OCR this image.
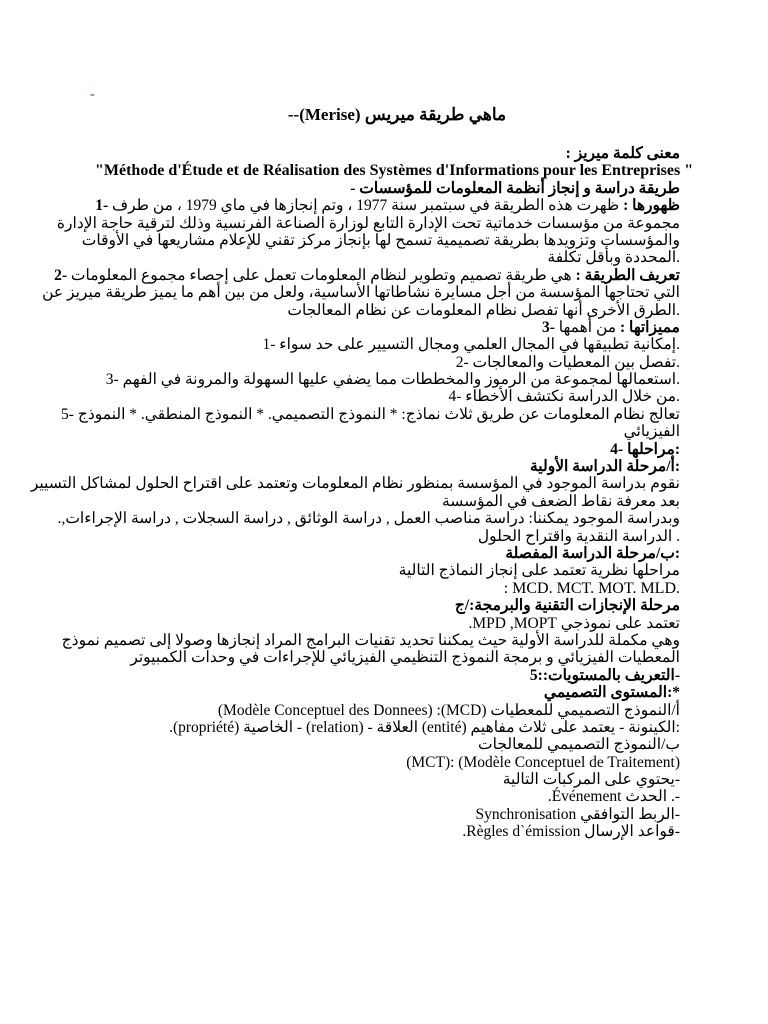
-
ماهي طريقة ميريس (Merise)--
معنى كلمة ميريز :
"Méthode d'Étude et de Réalisation des Systèmes d'Informations pour les Entreprises "
طريقة دراسة و إنجاز أنظمة المعلومات للمؤسسات -
ظهورها : ظهرت هذه الطريقة في سبتمبر سنة 1977 ، وتم إنجازها في ماي 1979 ، من طرف -1
مجموعة من مؤسسات خدماتية تحت الإدارة التابع لوزارة الصناعة الفرنسية وذلك لترقية حاجة الإدارة
والمؤسسات وتزويدها بطريقة تصميمية تسمح لها بإنجاز مركز تقني للإعلام مشاريعها في الأوقات
.المحددة وبأقل تكلفة
تعريف الطريقة : هي طريقة تصميم وتطوير لنظام المعلومات تعمل على إحصاء مجموع المعلومات -2
التي تحتاجها المؤسسة من أجل مسايرة نشاطاتها الأساسية، ولعل من بين أهم ما يميز طريقة ميريز عن
.الطرق الأخرى أنها تفصل نظام المعلومات عن نظام المعالجات
مميزاتها : من أهمها -3
.إمكانية تطبيقها في المجال العلمي ومجال التسيير على حد سواء -1
.تفصل بين المعطيات والمعالجات -2
.استعمالها لمجموعة من الرموز والمخططات مما يضفي عليها السهولة والمرونة في الفهم -3
.من خلال الدراسة نكتشف الأخطاء -4
تعالج نظام المعلومات عن طريق ثلاث نماذج: * النموذج التصميمي. * النموذج المنطقي. * النموذج -5
الفيزيائي
:مراحلها -4
:أ/مرحلة الدراسة الأولية
نقوم بدراسة الموجود في المؤسسة بمنظور نظام المعلومات وتعتمد على اقتراح الحلول لمشاكل التسيير
بعد معرفة نقاط الضعف في المؤسسة
وبدراسة الموجود يمكننا: دراسة مناصب العمل , دراسة الوثائق , دراسة السجلات , دراسة الإجراءات,.
. الدراسة النقدية واقتراح الحلول
:ب/مرحلة الدراسة المفصلة
مراحلها نظرية تعتمد على إنجاز النماذج التالية
: MCD. MCT. MOT. MLD.
مرحلة الإنجازات التقنية والبرمجة:/ج
تعتمد على نموذجي MPD ,MOPT.
وهي مكملة للدراسة الأولية حيث يمكننا تحديد تقنيات البرامج المراد إنجازها وصولا إلى تصميم نموذج
المعطيات الفيزيائي و برمجة النموذج التنظيمي الفيزيائي للإجراءات في وحدات الكمبيوتر
-التعريف بالمستويات::5
*:المستوى التصميمي
أ/النموذج التصميمي للمعطيات (MCD): (Modèle Conceptuel des Donnees)
:الكينونة - يعتمد على ثلاث مفاهيم (entité) العلاقة - (relation) - الخاصية (propriété).
ب/النموذج التصميمي للمعالجات
(MCT): (Modèle Conceptuel de Traitement)
-يحتوي على المركبات التالية
-. الحدث Événement.
-الربط التوافقي Synchronisation
-قواعد الإرسال Règles d`émission.
